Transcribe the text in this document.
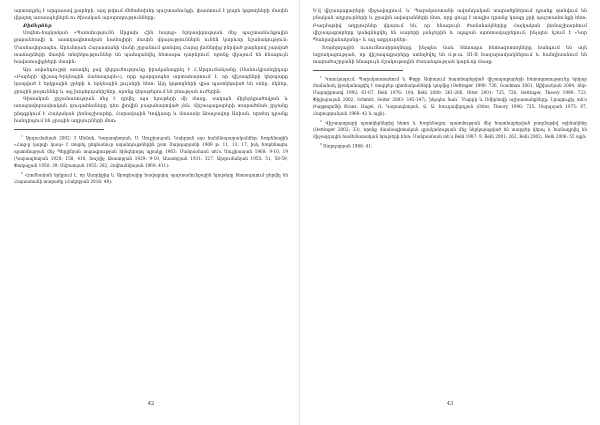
արտադրել է արգասավ քարերի, այդ թվում մեծահոխեր պաշտամունքի, փաստում է քարե կոթողների մասին վկայող առասպելներն ու ծիսական արարողությունները:

Քիմերներ

Սովետ-հայկական «Պատմությունն Արցախ Հին հայոց» երկասիրության մեջ պաշտամունքային քարանձավի և աստղագիտական համալիրի մասին վկայություններն ունեն կարևոր նշանակություն։ Մասնավորապես, Արևմտյան Հայաստանի Վանի շրջանում գտնվող Հայոց լեռներից բերված քարերով շարված տաճարների մասին տեղեկություններ են պահպանվել հետագա դարերում, որոնք վկայում են հնագույն հավատալիքների մասին:

Այս ավանդույթի առավել լավ վերլուծությունը իրականացրել է Հ.Արզումանյանը (Սանուկիանդիդար «Բարերի վիշապ-Երկնային ճանապարհ»), որը պարզապես արտահայտում է, որ վիշապների կերպարը կապված է երկրային ջրերի և երկնային լույսերի հետ: Այդ կոթողների վրա պատկերված են օձեր, ձկներ, ջրային թռչուններ և այլ խորհրդանիշներ, որոնք վերաբերում են բնության ուժերին:

Գիտական շրջանառության մեջ է դրվել այս նյութերի մի մասը, սակայն միջերկրածովյան և առաջավորասիական զուգահեռները դեռ լիովին բացահայտված չեն։ Վիշապաքարերի տարածման շրջանը ընդգրկում է Հայկական լեռնաշխարհը, Հարավային Կովկասը և մասամբ Առաջավոր Ասիան, որտեղ դրանք հանդիպում են ջրային աղբյուրների մոտ:

$^1$ Արզումանյան 2002: 3 Անմահ․ Կարապետյան, Ս․ Սուքիասյան, Նաիրյան այս հանձնարարականներ: Խորենացին «Հաց-ը կարգի կապ» է տարել ընդհանուր ավանդույթներին ըստ Սարդարյանի 1909 թ. 11, 13, 17, իսկ Խորենացու պատմության մեջ Պերլինյան տպագրության հինգերորդ պրակը 1963: Մանրամասն տե՛ս Սուքիասյան 1968: 9-10, 19 (Կարապետյան 1928: 158, 418, հաշվիչ Ասատրյան 1929: 9-10, Ասատրյան 1931: 327, Արզումանյան 1955: 51, 58-59, Փաղալյան 1950: 39, Սմբատյան 1955: 282, Հովհաննիսյան 1969: 411):

$^2$ Հռոմեական երկրում է, որ Ասորիքից և Արաբիայից հավաքվող պաշտամունքային նյութերը հետագայում բերվել են Հայաստանի տարածք (Հակոբյան 2016: 48):

42

Ե՛վ վիշապաքարերի միջավայրում, և՛ Պարսկաստանի ավանդական տարածքներում դրանք գտնվում են բնական աղբյուրների և ջրային ավազանների մոտ, որը ցույց է տալիս դրանց կապը ջրի պաշտամունքի հետ։ Բազմաթիվ աղբյուրներ վկայում են, որ հնագույն ժամանակներից Հայկական լեռնաշխարհում վիշապաքարերը կանգնեցվել են սարերի լանջերին և ալպյան արոտավայրերում, ինչպես նշում է «Նոր Պահլավանականը» և այլ աղբյուրներ:

Խորհրդային ուսումնասիրողները, ինչպես նաև հետագա հետազոտողները հանգում են այն եզրակացության, որ վիշապաքարերը ստեղծվել են մ.թ.ա. III-II հազարամյակներում և հանդիսանում են տարածաշրջանի հնագույն մշակութային ժառանգության կարևոր մասը:

$^1$ Կաուկազում, Պարսկաստանում և Փոքր Ասիայում հայտնաբերված վիշապաքարերի հետազոտությունը երկար ժամանակ իրականացվել է տարբեր գիտնականների կողմից (Oettinger 1990: 726, Goodman 2001, Ալիխանյան 2004, Տեր-Մարտիրոսով 1992: 61-67, Belli 1976: 104, Belli 2000: 261-266, Otter 2001: 725, 726; Oettinger, Theory 1990: 723, Փիլիպոսյան 2002; Schmitt, Seiter 2003: 145-147), ինչպես նաև՝ Մարրի և Սմիրնովի աշխատանքները։ Լրացուցիչ տե՛ս Բարթոլոմեի Kranz, Hagel, Ռ. Կարապետյան, Վ․ Ա․ Խուդավերդյան (Otter, Theory 1990: 725; Սարգսյան 1975: 67, Հարությունյան 1969: 42 և այլն):

$^2$ Վիշապաքարի պատկերներից հետո և Խորենացու պատմության մեջ հայտնաբերված բազմաթիվ օրինակներ (Oettinger 2002: 33), որոնք մասնագիտական գրականության մեջ ներկայացված են տարբեր կերպ և համադրվել են միջազգային համեմատական նյութերի հետ։ Մանրամասն տե՛ս Belli 1987: 9, Belli 2001: 262, Belli 2002:, Belli 2006: 55 այլն:

$^3$ Սարդարյան 1966: 41:

43
